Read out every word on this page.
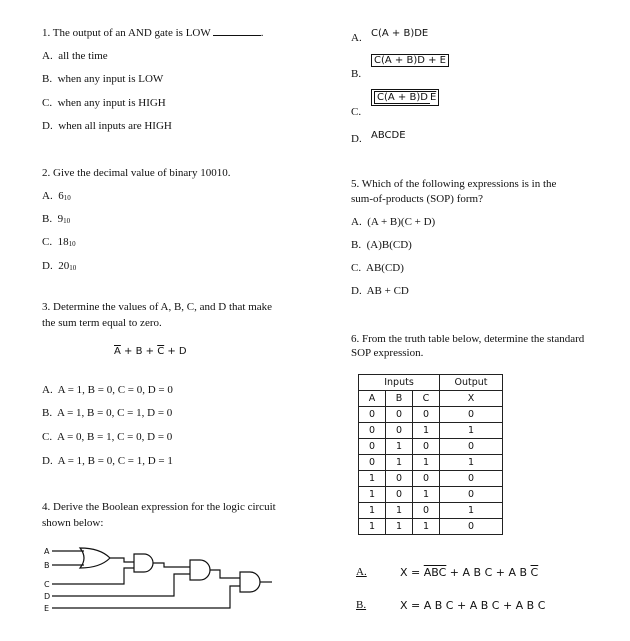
1. The output of an AND gate is LOW	.
A. all the time
B. when any input is LOW
C. when any input is HIGH
D. when all inputs are HIGH
2. Give the decimal value of binary 10010.
A. $6_{10}$
B. $9_{10}$
C. $18_{10}$
D. $20_{10}$
3. Determine the values of A, B, C, and D that make
the sum term equal to zero.
$\overline{A} + B + \overline{C} + D$
A. A = 1, B = 0, C = 0, D = 0
B. A = 1, B = 0, C = 1, D = 0
C. A = 0, B = 1, C = 0, D = 0
D. A = 1, B = 0, C = 1, D = 1
4. Derive the Boolean expression for the logic circuit
shown below:
A
B
C
D
E
A. C(A + B)DE
B.
$C(A + B)D + \overline{E}$
C.
C(A + B)D $\overline{E}$
D. ABCDE
5. Which of the following expressions is in the
sum-of-products (SOP) form?
A. (A + B)(C + D)
B. (A)B(CD)
C. AB(CD)
D. AB + CD
6. From the truth table below, determine the standard
SOP expression.
Inputs			Output
A	B	C	X
0	0	0	0
0	0	1	1
0	1	0	0
0	1	1	1
1	0	0	0
1	0	1	0
1	1	0	1
1	1	1	0
A.	$X = \overline{ABC} + A$ B C + A B $\overline{C}$
B.	X = A B C + A B C + A B C
